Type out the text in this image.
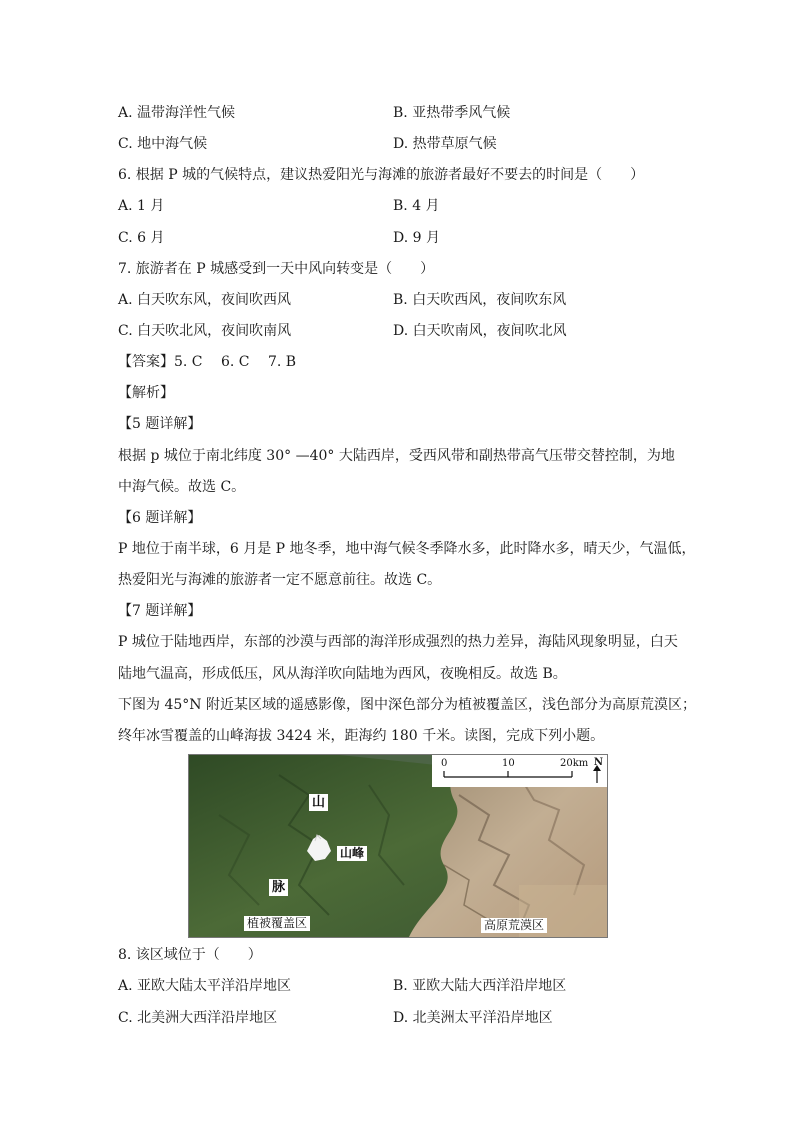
A. 温带海洋性气候	B. 亚热带季风气候
C. 地中海气候	D. 热带草原气候
6. 根据 P 城的气候特点，建议热爱阳光与海滩的旅游者最好不要去的时间是（　　）
A. 1 月	B. 4 月
C. 6 月	D. 9 月
7. 旅游者在 P 城感受到一天中风向转变是（　　）
A. 白天吹东风，夜间吹西风	B. 白天吹西风，夜间吹东风
C. 白天吹北风，夜间吹南风	D. 白天吹南风，夜间吹北风
【答案】5. C　 6. C　 7. B
【解析】
【5 题详解】
根据 p 城位于南北纬度 30° —40° 大陆西岸，受西风带和副热带高气压带交替控制，为地
中海气候。故选 C。
【6 题详解】
P 地位于南半球，6 月是 P 地冬季，地中海气候冬季降水多，此时降水多，晴天少，气温低，
热爱阳光与海滩的旅游者一定不愿意前往。故选 C。
【7 题详解】
P 城位于陆地西岸，东部的沙漠与西部的海洋形成强烈的热力差异，海陆风现象明显，白天
陆地气温高，形成低压，风从海洋吹向陆地为西风，夜晚相反。故选 B。
下图为 45°N 附近某区域的遥感影像，图中深色部分为植被覆盖区，浅色部分为高原荒漠区；
终年冰雪覆盖的山峰海拔 3424 米，距海约 180 千米。读图，完成下列小题。
0	10	20km N
山
山峰
脉
植被覆盖区	高原荒漠区
8. 该区域位于（　　）
A. 亚欧大陆太平洋沿岸地区	B. 亚欧大陆大西洋沿岸地区
C. 北美洲大西洋沿岸地区	D. 北美洲太平洋沿岸地区
